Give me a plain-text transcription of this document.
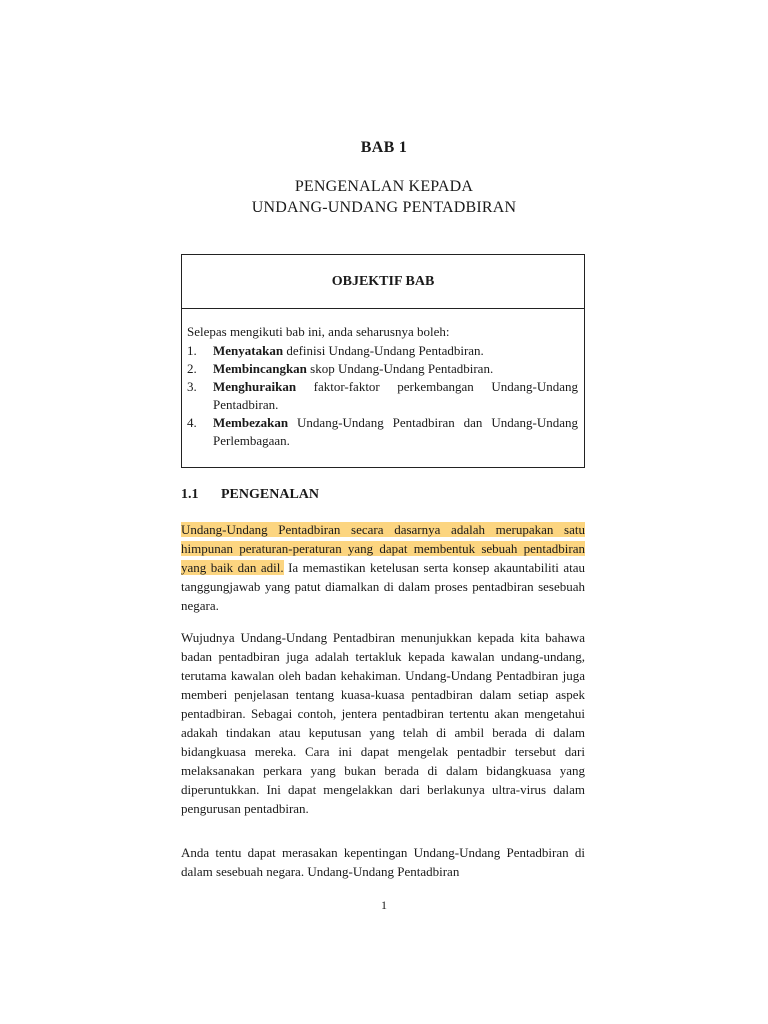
BAB 1
PENGENALAN KEPADA
UNDANG-UNDANG PENTADBIRAN
OBJEKTIF BAB
Selepas mengikuti bab ini, anda seharusnya boleh:
1.	Menyatakan definisi Undang-Undang Pentadbiran.
2.	Membincangkan skop Undang-Undang Pentadbiran.
3.	Menghuraikan faktor-faktor perkembangan Undang-Undang Pentadbiran.
4.	Membezakan Undang-Undang Pentadbiran dan Undang-Undang Perlembagaan.
1.1 PENGENALAN
Undang-Undang Pentadbiran secara dasarnya adalah merupakan satu himpunan peraturan-peraturan yang dapat membentuk sebuah pentadbiran yang baik dan adil. Ia memastikan ketelusan serta konsep akauntabiliti atau tanggungjawab yang patut diamalkan di dalam proses pentadbiran sesebuah negara.
Wujudnya Undang-Undang Pentadbiran menunjukkan kepada kita bahawa badan pentadbiran juga adalah tertakluk kepada kawalan undang-undang, terutama kawalan oleh badan kehakiman. Undang-Undang Pentadbiran juga memberi penjelasan tentang kuasa-kuasa pentadbiran dalam setiap aspek pentadbiran. Sebagai contoh, jentera pentadbiran tertentu akan mengetahui adakah tindakan atau keputusan yang telah di ambil berada di dalam bidangkuasa mereka. Cara ini dapat mengelak pentadbir tersebut dari melaksanakan perkara yang bukan berada di dalam bidangkuasa yang diperuntukkan. Ini dapat mengelakkan dari berlakunya ultra-virus dalam pengurusan pentadbiran.
Anda tentu dapat merasakan kepentingan Undang-Undang Pentadbiran di dalam sesebuah negara. Undang-Undang Pentadbiran
1
